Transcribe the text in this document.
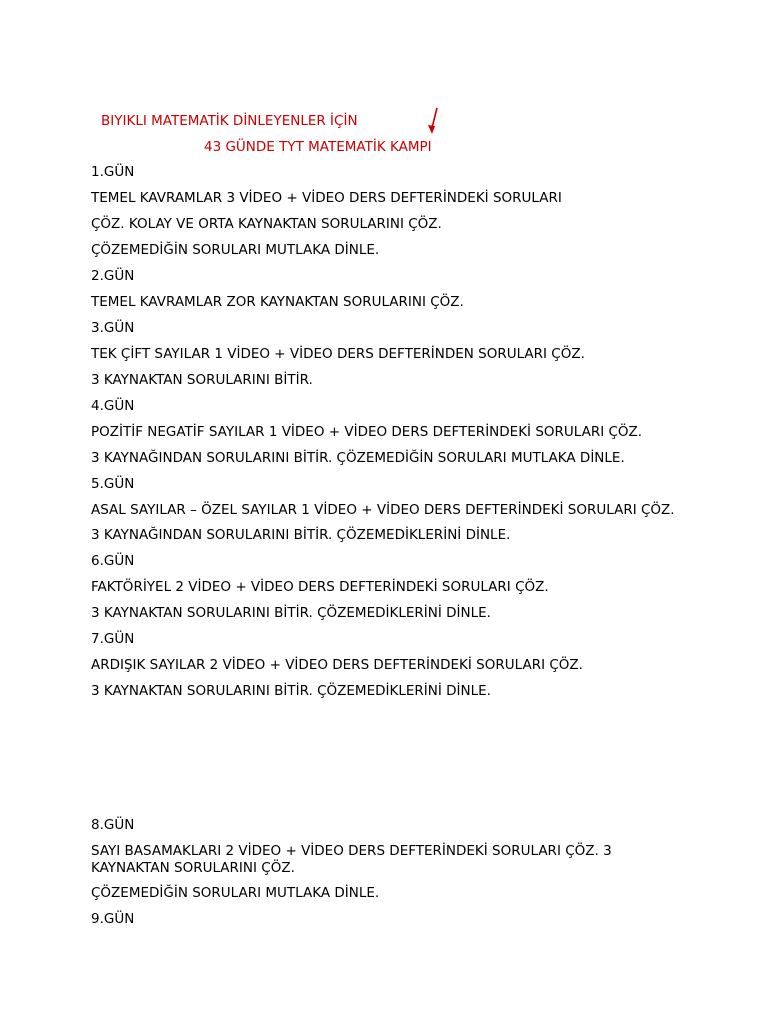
BIYIKLI MATEMATİK DİNLEYENLER İÇİN
43 GÜNDE TYT MATEMATİK KAMPI
1.GÜN
TEMEL KAVRAMLAR 3 VİDEO + VİDEO DERS DEFTERİNDEKİ SORULARI
ÇÖZ. KOLAY VE ORTA KAYNAKTAN SORULARINI ÇÖZ.
ÇÖZEMEDİĞİN SORULARI MUTLAKA DİNLE.
2.GÜN
TEMEL KAVRAMLAR ZOR KAYNAKTAN SORULARINI ÇÖZ.
3.GÜN
TEK ÇİFT SAYILAR 1 VİDEO + VİDEO DERS DEFTERİNDEN SORULARI ÇÖZ.
3 KAYNAKTAN SORULARINI BİTİR.
4.GÜN
POZİTİF NEGATİF SAYILAR 1 VİDEO + VİDEO DERS DEFTERİNDEKİ SORULARI ÇÖZ.
3 KAYNAĞINDAN SORULARINI BİTİR. ÇÖZEMEDİĞİN SORULARI MUTLAKA DİNLE.
5.GÜN
ASAL SAYILAR – ÖZEL SAYILAR 1 VİDEO + VİDEO DERS DEFTERİNDEKİ SORULARI ÇÖZ.
3 KAYNAĞINDAN SORULARINI BİTİR. ÇÖZEMEDİKLERİNİ DİNLE.
6.GÜN
FAKTÖRİYEL 2 VİDEO + VİDEO DERS DEFTERİNDEKİ SORULARI ÇÖZ.
3 KAYNAKTAN SORULARINI BİTİR. ÇÖZEMEDİKLERİNİ DİNLE.
7.GÜN
ARDIŞIK SAYILAR 2 VİDEO + VİDEO DERS DEFTERİNDEKİ SORULARI ÇÖZ.
3 KAYNAKTAN SORULARINI BİTİR. ÇÖZEMEDİKLERİNİ DİNLE.
8.GÜN
SAYI BASAMAKLARI 2 VİDEO + VİDEO DERS DEFTERİNDEKİ SORULARI ÇÖZ. 3 KAYNAKTAN SORULARINI ÇÖZ.
ÇÖZEMEDİĞİN SORULARI MUTLAKA DİNLE.
9.GÜN
